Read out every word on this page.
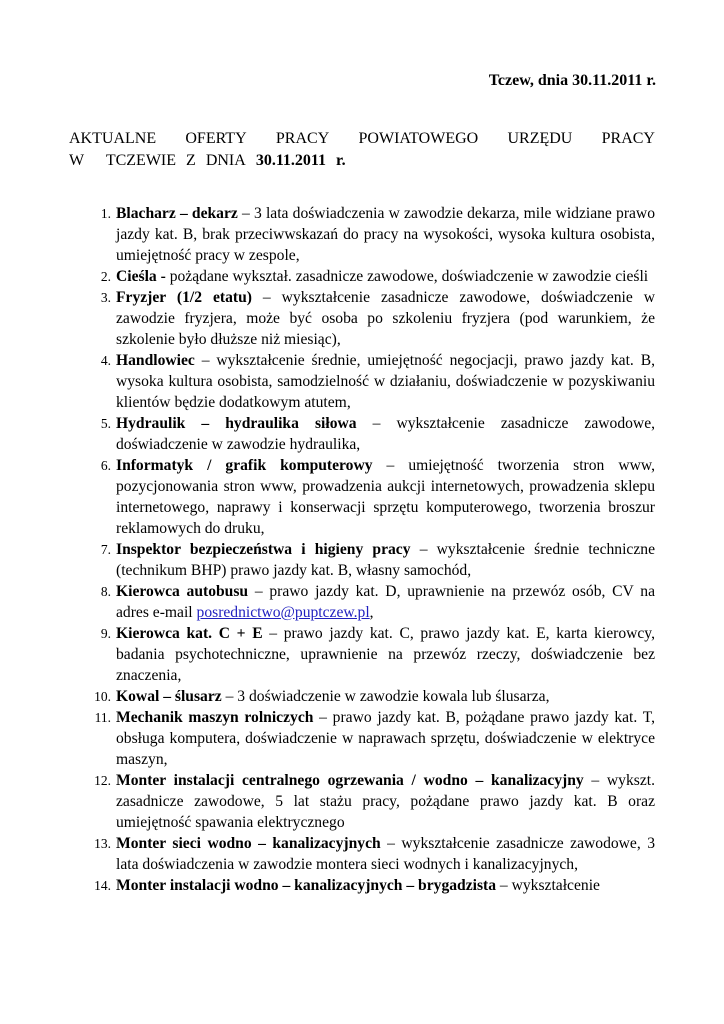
Tczew, dnia 30.11.2011 r.
AKTUALNE OFERTY PRACY POWIATOWEGO URZĘDU PRACY
W TCZEWIE Z DNIA 30.11.2011 r.
1. Blacharz – dekarz – 3 lata doświadczenia w zawodzie dekarza, mile widziane prawo jazdy kat. B, brak przeciwwskazań do pracy na wysokości, wysoka kultura osobista, umiejętność pracy w zespole,
2. Cieśla - pożądane wykształ. zasadnicze zawodowe, doświadczenie w zawodzie cieśli
3. Fryzjer (1/2 etatu) – wykształcenie zasadnicze zawodowe, doświadczenie w zawodzie fryzjera, może być osoba po szkoleniu fryzjera (pod warunkiem, że szkolenie było dłuższe niż miesiąc),
4. Handlowiec – wykształcenie średnie, umiejętność negocjacji, prawo jazdy kat. B, wysoka kultura osobista, samodzielność w działaniu, doświadczenie w pozyskiwaniu klientów będzie dodatkowym atutem,
5. Hydraulik – hydraulika siłowa – wykształcenie zasadnicze zawodowe, doświadczenie w zawodzie hydraulika,
6. Informatyk / grafik komputerowy – umiejętność tworzenia stron www, pozycjonowania stron www, prowadzenia aukcji internetowych, prowadzenia sklepu internetowego, naprawy i konserwacji sprzętu komputerowego, tworzenia broszur reklamowych do druku,
7. Inspektor bezpieczeństwa i higieny pracy – wykształcenie średnie techniczne (technikum BHP) prawo jazdy kat. B, własny samochód,
8. Kierowca autobusu – prawo jazdy kat. D, uprawnienie na przewóz osób, CV na adres e-mail posrednictwo@puptczew.pl,
9. Kierowca kat. C + E – prawo jazdy kat. C, prawo jazdy kat. E, karta kierowcy, badania psychotechniczne, uprawnienie na przewóz rzeczy, doświadczenie bez znaczenia,
10. Kowal – ślusarz – 3 doświadczenie w zawodzie kowala lub ślusarza,
11. Mechanik maszyn rolniczych – prawo jazdy kat. B, pożądane prawo jazdy kat. T, obsługa komputera, doświadczenie w naprawach sprzętu, doświadczenie w elektryce maszyn,
12. Monter instalacji centralnego ogrzewania / wodno – kanalizacyjny – wykszt. zasadnicze zawodowe, 5 lat stażu pracy, pożądane prawo jazdy kat. B oraz umiejętność spawania elektrycznego
13. Monter sieci wodno – kanalizacyjnych – wykształcenie zasadnicze zawodowe, 3 lata doświadczenia w zawodzie montera sieci wodnych i kanalizacyjnych,
14. Monter instalacji wodno – kanalizacyjnych – brygadzista – wykształcenie
